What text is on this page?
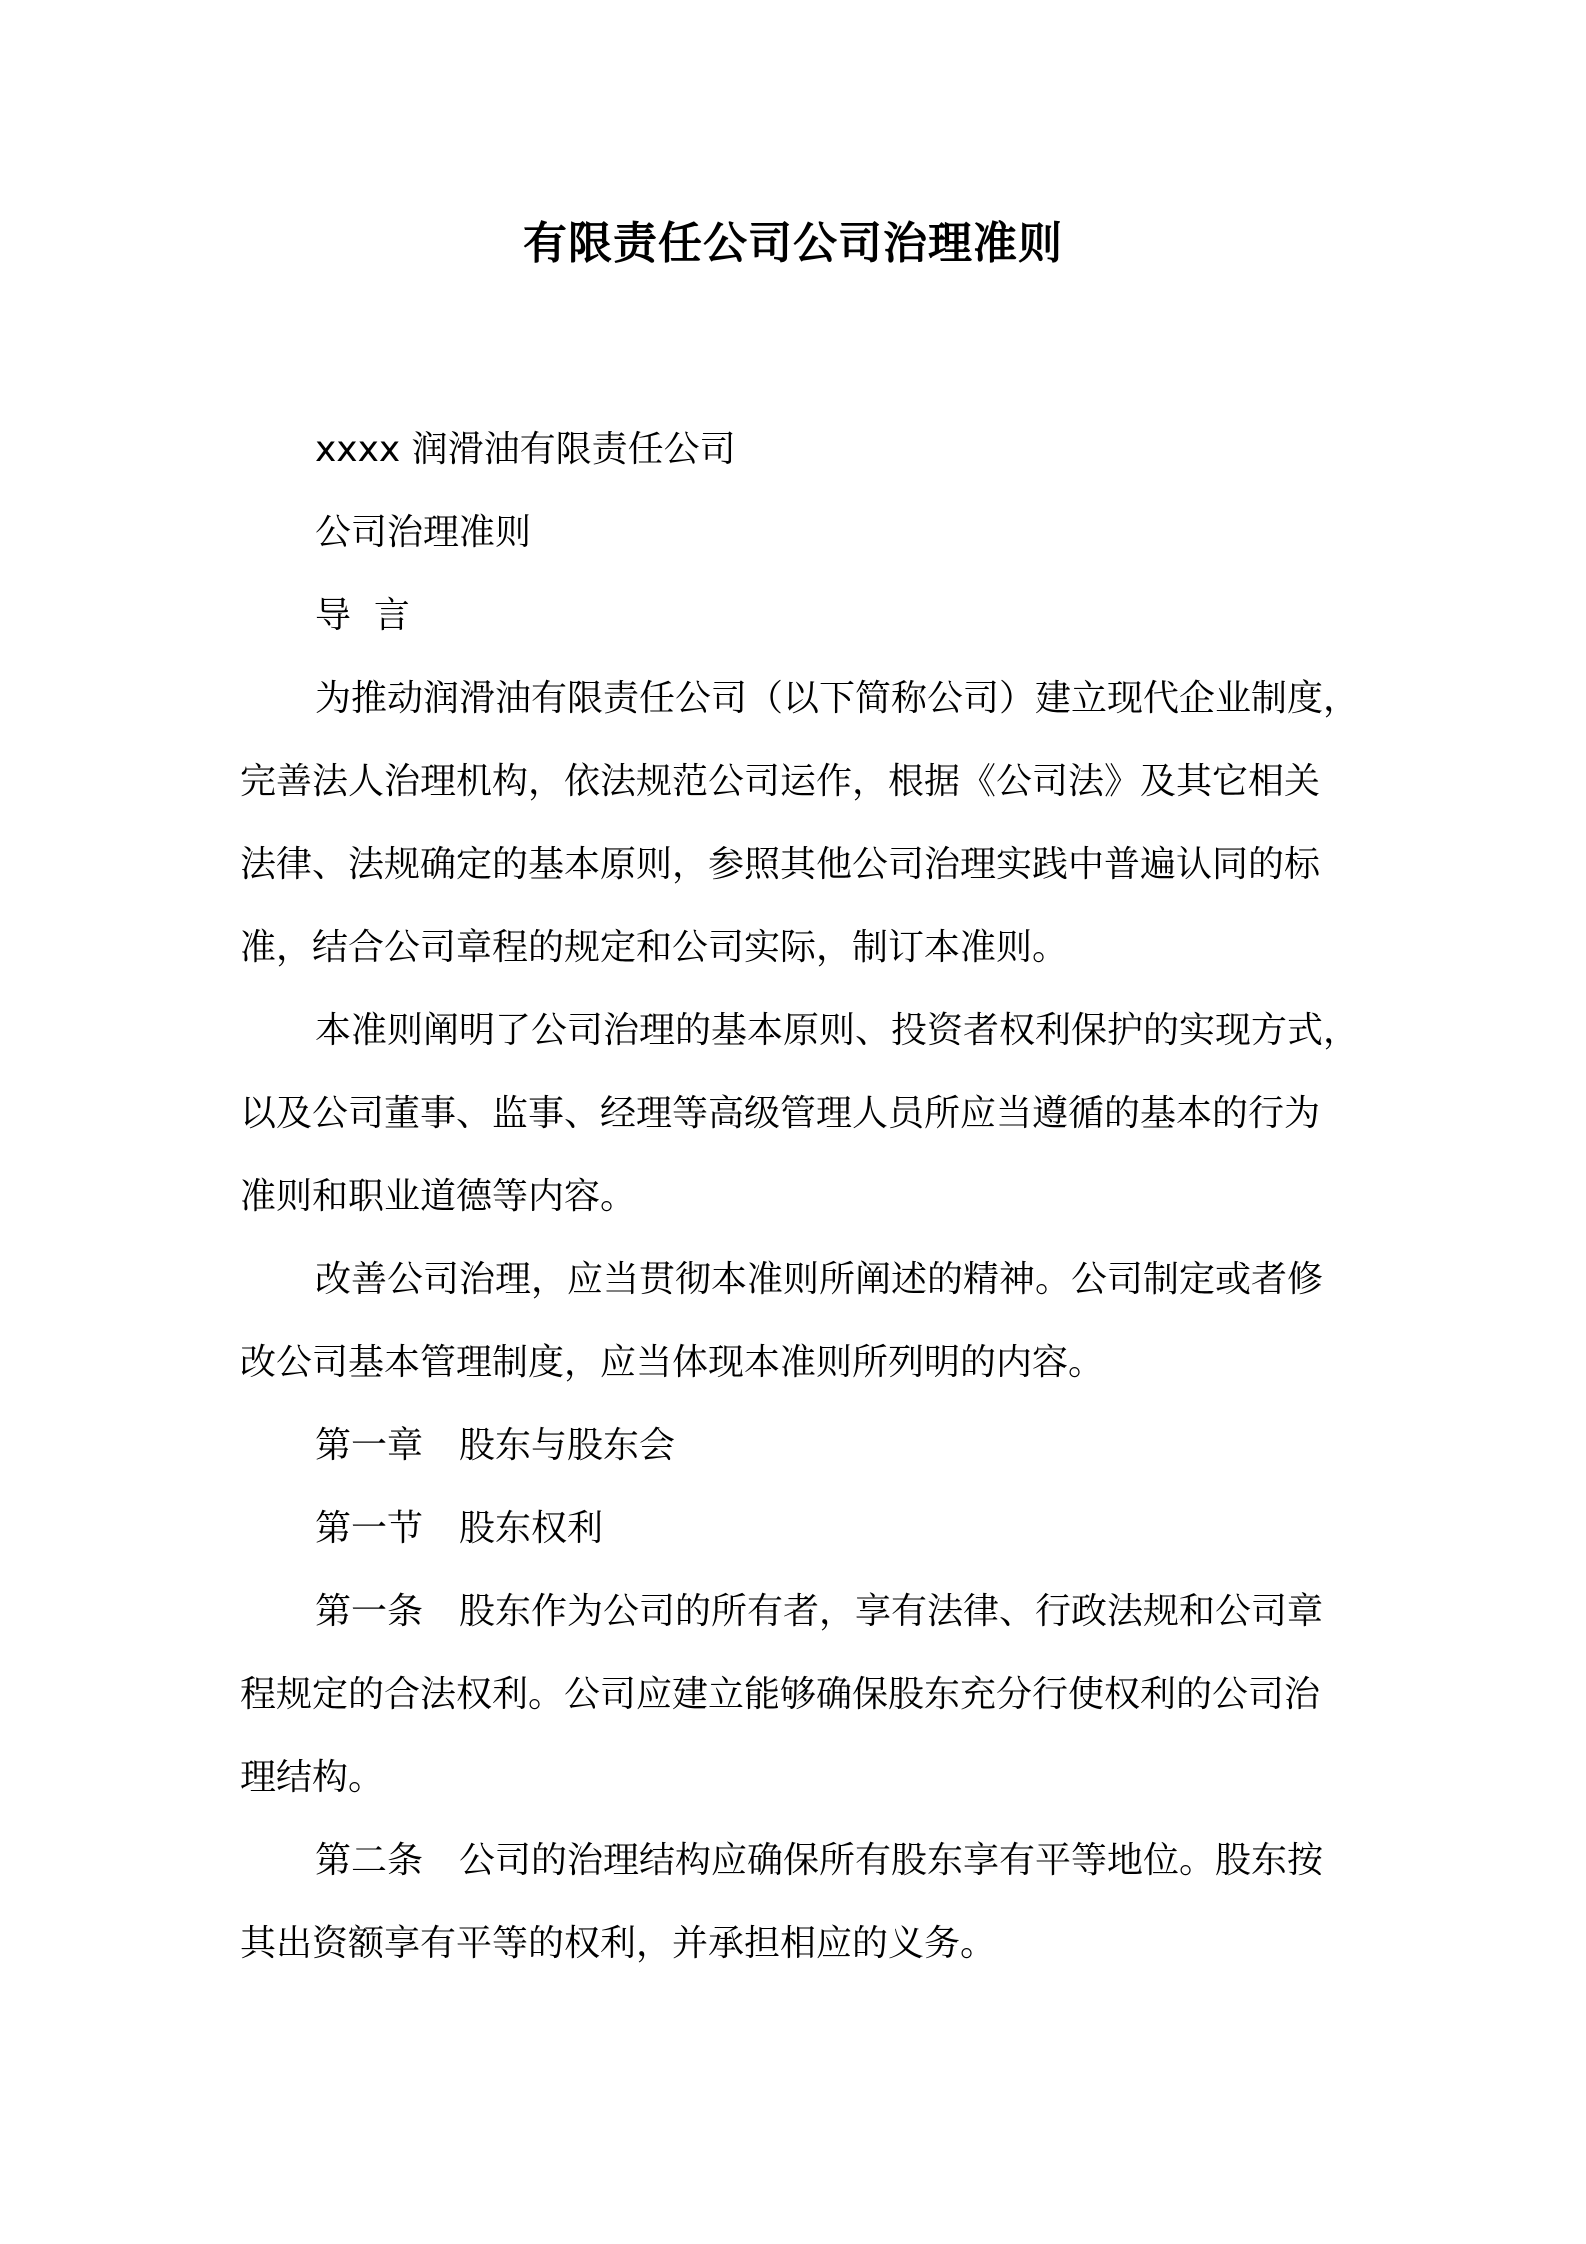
有限责任公司公司治理准则
xxxx 润滑油有限责任公司
公司治理准则
导  言
为推动润滑油有限责任公司（以下简称公司）建立现代企业制度，
完善法人治理机构，依法规范公司运作，根据《公司法》及其它相关
法律、法规确定的基本原则，参照其他公司治理实践中普遍认同的标
准，结合公司章程的规定和公司实际，制订本准则。
本准则阐明了公司治理的基本原则、投资者权利保护的实现方式，
以及公司董事、监事、经理等高级管理人员所应当遵循的基本的行为
准则和职业道德等内容。
改善公司治理，应当贯彻本准则所阐述的精神。公司制定或者修
改公司基本管理制度，应当体现本准则所列明的内容。
第一章 股东与股东会
第一节 股东权利
第一条 股东作为公司的所有者，享有法律、行政法规和公司章
程规定的合法权利。公司应建立能够确保股东充分行使权利的公司治
理结构。
第二条 公司的治理结构应确保所有股东享有平等地位。股东按
其出资额享有平等的权利，并承担相应的义务。
